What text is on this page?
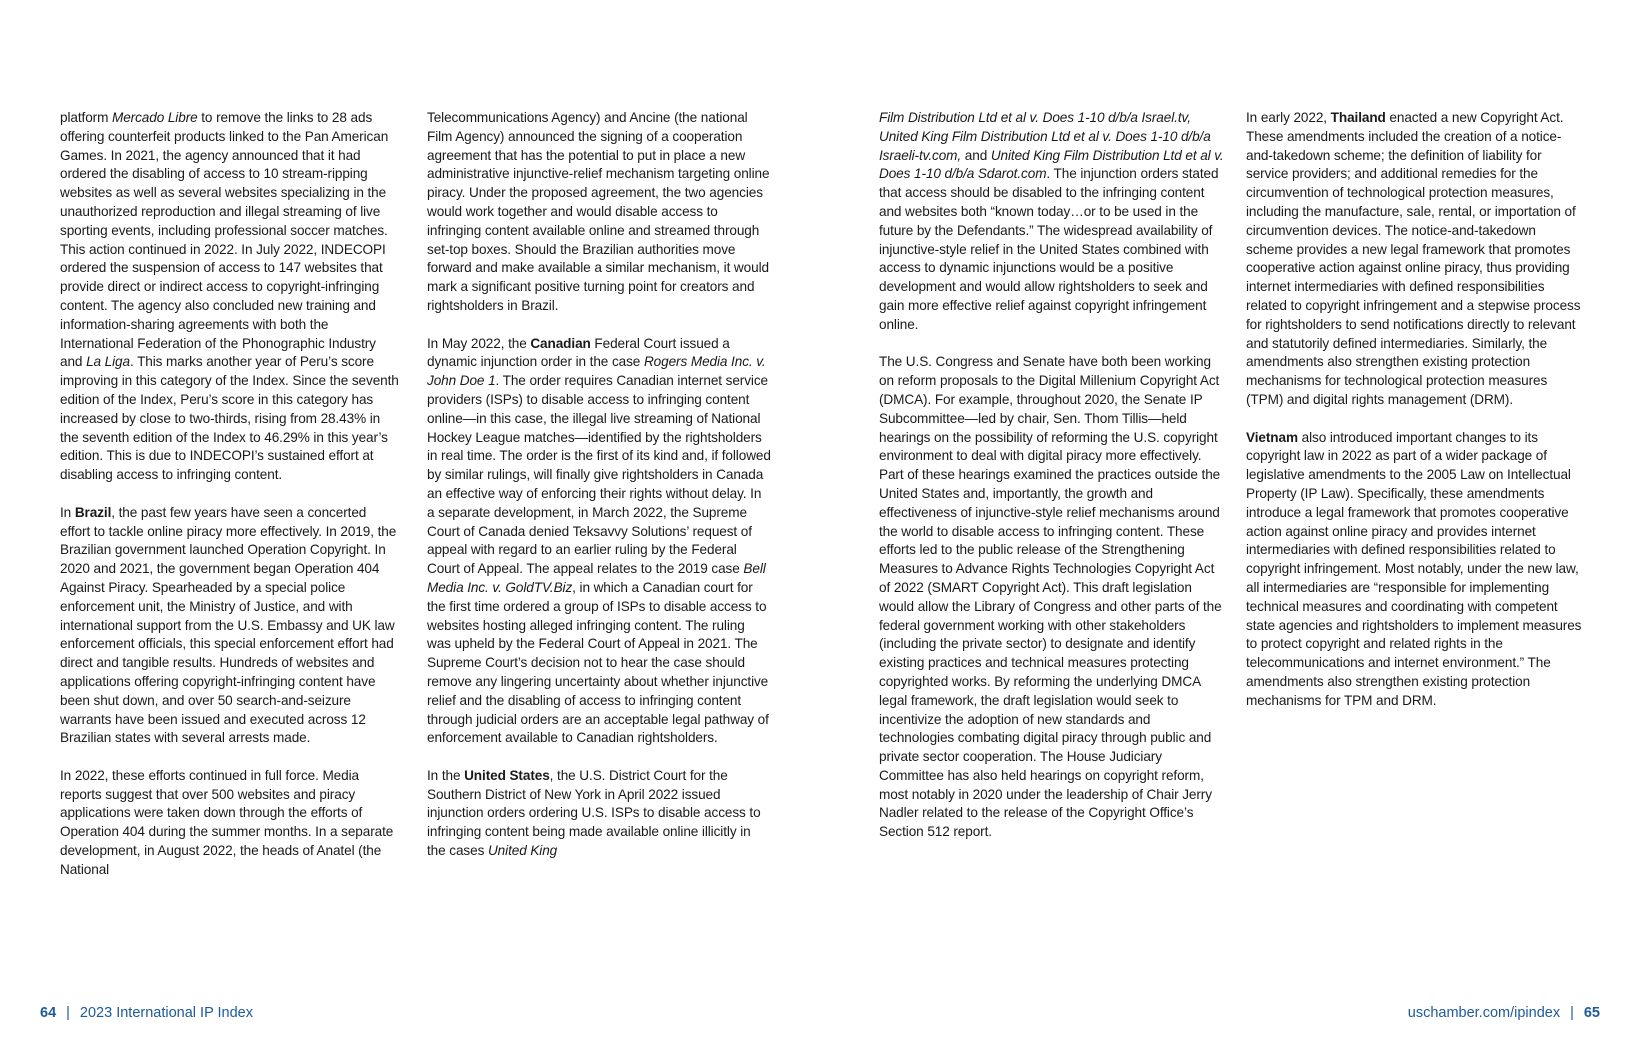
platform Mercado Libre to remove the links to 28 ads offering counterfeit products linked to the Pan American Games. In 2021, the agency announced that it had ordered the disabling of access to 10 stream-ripping websites as well as several websites specializing in the unauthorized reproduction and illegal streaming of live sporting events, including professional soccer matches. This action continued in 2022. In July 2022, INDECOPI ordered the suspension of access to 147 websites that provide direct or indirect access to copyright-infringing content. The agency also concluded new training and information-sharing agreements with both the International Federation of the Phonographic Industry and La Liga. This marks another year of Peru’s score improving in this category of the Index. Since the seventh edition of the Index, Peru’s score in this category has increased by close to two-thirds, rising from 28.43% in the seventh edition of the Index to 46.29% in this year’s edition. This is due to INDECOPI’s sustained effort at disabling access to infringing content.

In Brazil, the past few years have seen a concerted effort to tackle online piracy more effectively. In 2019, the Brazilian government launched Operation Copyright. In 2020 and 2021, the government began Operation 404 Against Piracy. Spearheaded by a special police enforcement unit, the Ministry of Justice, and with international support from the U.S. Embassy and UK law enforcement officials, this special enforcement effort had direct and tangible results. Hundreds of websites and applications offering copyright-infringing content have been shut down, and over 50 search-and-seizure warrants have been issued and executed across 12 Brazilian states with several arrests made.

In 2022, these efforts continued in full force. Media reports suggest that over 500 websites and piracy applications were taken down through the efforts of Operation 404 during the summer months. In a separate development, in August 2022, the heads of Anatel (the National

Telecommunications Agency) and Ancine (the national Film Agency) announced the signing of a cooperation agreement that has the potential to put in place a new administrative injunctive-relief mechanism targeting online piracy. Under the proposed agreement, the two agencies would work together and would disable access to infringing content available online and streamed through set-top boxes. Should the Brazilian authorities move forward and make available a similar mechanism, it would mark a significant positive turning point for creators and rightsholders in Brazil.

In May 2022, the Canadian Federal Court issued a dynamic injunction order in the case Rogers Media Inc. v. John Doe 1. The order requires Canadian internet service providers (ISPs) to disable access to infringing content online—in this case, the illegal live streaming of National Hockey League matches—identified by the rightsholders in real time. The order is the first of its kind and, if followed by similar rulings, will finally give rightsholders in Canada an effective way of enforcing their rights without delay. In a separate development, in March 2022, the Supreme Court of Canada denied Teksavvy Solutions’ request of appeal with regard to an earlier ruling by the Federal Court of Appeal. The appeal relates to the 2019 case Bell Media Inc. v. GoldTV.Biz, in which a Canadian court for the first time ordered a group of ISPs to disable access to websites hosting alleged infringing content. The ruling was upheld by the Federal Court of Appeal in 2021. The Supreme Court’s decision not to hear the case should remove any lingering uncertainty about whether injunctive relief and the disabling of access to infringing content through judicial orders are an acceptable legal pathway of enforcement available to Canadian rightsholders.

In the United States, the U.S. District Court for the Southern District of New York in April 2022 issued injunction orders ordering U.S. ISPs to disable access to infringing content being made available online illicitly in the cases United King

64 | 2023 International IP Index	uschamber.com/ipindex | 65

Film Distribution Ltd et al v. Does 1-10 d/b/a Israel.tv, United King Film Distribution Ltd et al v. Does 1-10 d/b/a Israeli-tv.com, and United King Film Distribution Ltd et al v. Does 1-10 d/b/a Sdarot.com. The injunction orders stated that access should be disabled to the infringing content and websites both “known today…or to be used in the future by the Defendants.” The widespread availability of injunctive-style relief in the United States combined with access to dynamic injunctions would be a positive development and would allow rightsholders to seek and gain more effective relief against copyright infringement online.

The U.S. Congress and Senate have both been working on reform proposals to the Digital Millenium Copyright Act (DMCA). For example, throughout 2020, the Senate IP Subcommittee—led by chair, Sen. Thom Tillis—held hearings on the possibility of reforming the U.S. copyright environment to deal with digital piracy more effectively. Part of these hearings examined the practices outside the United States and, importantly, the growth and effectiveness of injunctive-style relief mechanisms around the world to disable access to infringing content. These efforts led to the public release of the Strengthening Measures to Advance Rights Technologies Copyright Act of 2022 (SMART Copyright Act). This draft legislation would allow the Library of Congress and other parts of the federal government working with other stakeholders (including the private sector) to designate and identify existing practices and technical measures protecting copyrighted works. By reforming the underlying DMCA legal framework, the draft legislation would seek to incentivize the adoption of new standards and technologies combating digital piracy through public and private sector cooperation. The House Judiciary Committee has also held hearings on copyright reform, most notably in 2020 under the leadership of Chair Jerry Nadler related to the release of the Copyright Office’s Section 512 report.

In early 2022, Thailand enacted a new Copyright Act. These amendments included the creation of a notice-and-takedown scheme; the definition of liability for service providers; and additional remedies for the circumvention of technological protection measures, including the manufacture, sale, rental, or importation of circumvention devices. The notice-and-takedown scheme provides a new legal framework that promotes cooperative action against online piracy, thus providing internet intermediaries with defined responsibilities related to copyright infringement and a stepwise process for rightsholders to send notifications directly to relevant and statutorily defined intermediaries. Similarly, the amendments also strengthen existing protection mechanisms for technological protection measures (TPM) and digital rights management (DRM).

Vietnam also introduced important changes to its copyright law in 2022 as part of a wider package of legislative amendments to the 2005 Law on Intellectual Property (IP Law). Specifically, these amendments introduce a legal framework that promotes cooperative action against online piracy and provides internet intermediaries with defined responsibilities related to copyright infringement. Most notably, under the new law, all intermediaries are “responsible for implementing technical measures and coordinating with competent state agencies and rightsholders to implement measures to protect copyright and related rights in the telecommunications and internet environment.” The amendments also strengthen existing protection mechanisms for TPM and DRM.
